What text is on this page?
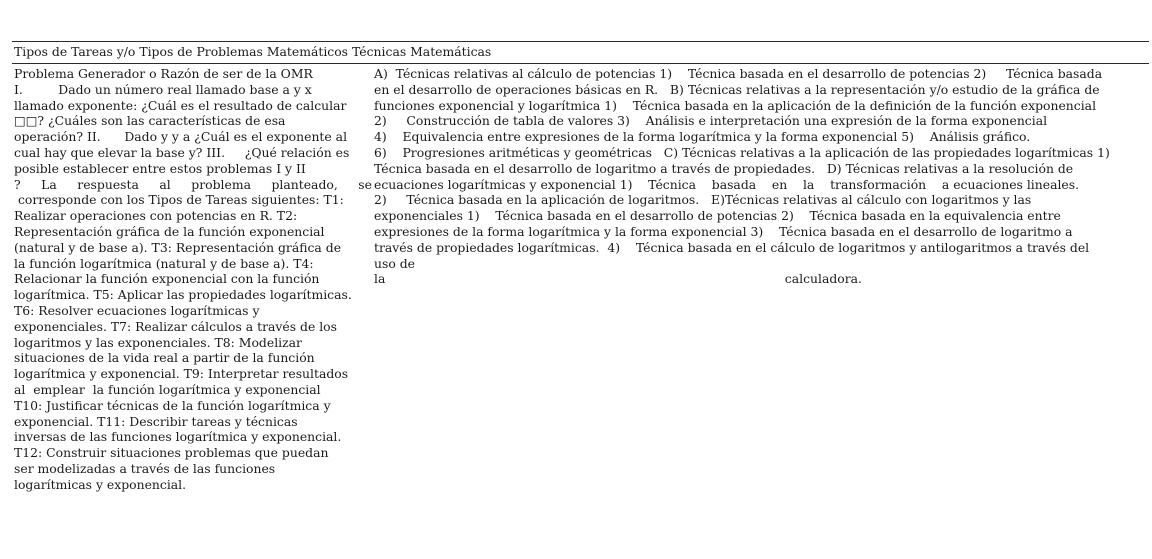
Tipos de Tareas y/o Tipos de Problemas Matemáticos Técnicas Matemáticas
Problema Generador o Razón de ser de la OMR
I.         Dado un número real llamado base a y x
llamado exponente: ¿Cuál es el resultado de calcular
□□? ¿Cuáles son las características de esa
operación? II.      Dado y y a ¿Cuál es el exponente al
cual hay que elevar la base y? III.     ¿Qué relación es
posible establecer entre estos problemas I y II
? La respuesta al problema planteado, se
corresponde con los Tipos de Tareas siguientes: T1:
Realizar operaciones con potencias en R. T2:
Representación gráfica de la función exponencial
(natural y de base a). T3: Representación gráfica de
la función logarítmica (natural y de base a). T4:
Relacionar la función exponencial con la función
logarítmica. T5: Aplicar las propiedades logarítmicas.
T6: Resolver ecuaciones logarítmicas y
exponenciales. T7: Realizar cálculos a través de los
logaritmos y las exponenciales. T8: Modelizar
situaciones de la vida real a partir de la función
logarítmica y exponencial. T9: Interpretar resultados
al  emplear  la función logarítmica y exponencial
T10: Justificar técnicas de la función logarítmica y
exponencial. T11: Describir tareas y técnicas
inversas de las funciones logarítmica y exponencial.
T12: Construir situaciones problemas que puedan
ser modelizadas a través de las funciones
logarítmicas y exponencial.
A)  Técnicas relativas al cálculo de potencias 1)    Técnica basada en el desarrollo de potencias 2)     Técnica basada
en el desarrollo de operaciones básicas en R.   B) Técnicas relativas a la representación y/o estudio de la gráfica de
funciones exponencial y logarítmica 1)    Técnica basada en la aplicación de la definición de la función exponencial
2)     Construcción de tabla de valores 3)    Análisis e interpretación una expresión de la forma exponencial
4)    Equivalencia entre expresiones de la forma logarítmica y la forma exponencial 5)    Análisis gráfico.
6)    Progresiones aritméticas y geométricas   C) Técnicas relativas a la aplicación de las propiedades logarítmicas 1)
Técnica basada en el desarrollo de logaritmo a través de propiedades.   D) Técnicas relativas a la resolución de
ecuaciones logarítmicas y exponencial 1)    Técnica    basada    en    la    transformación    a ecuaciones lineales.
2)     Técnica basada en la aplicación de logaritmos.   E)Técnicas relativas al cálculo con logaritmos y las
exponenciales 1)    Técnica basada en el desarrollo de potencias 2)    Técnica basada en la equivalencia entre
expresiones de la forma logarítmica y la forma exponencial 3)    Técnica basada en el desarrollo de logaritmo a
través de propiedades logarítmicas.  4)    Técnica basada en el cálculo de logaritmos y antilogaritmos a través del
uso de
la	calculadora.
